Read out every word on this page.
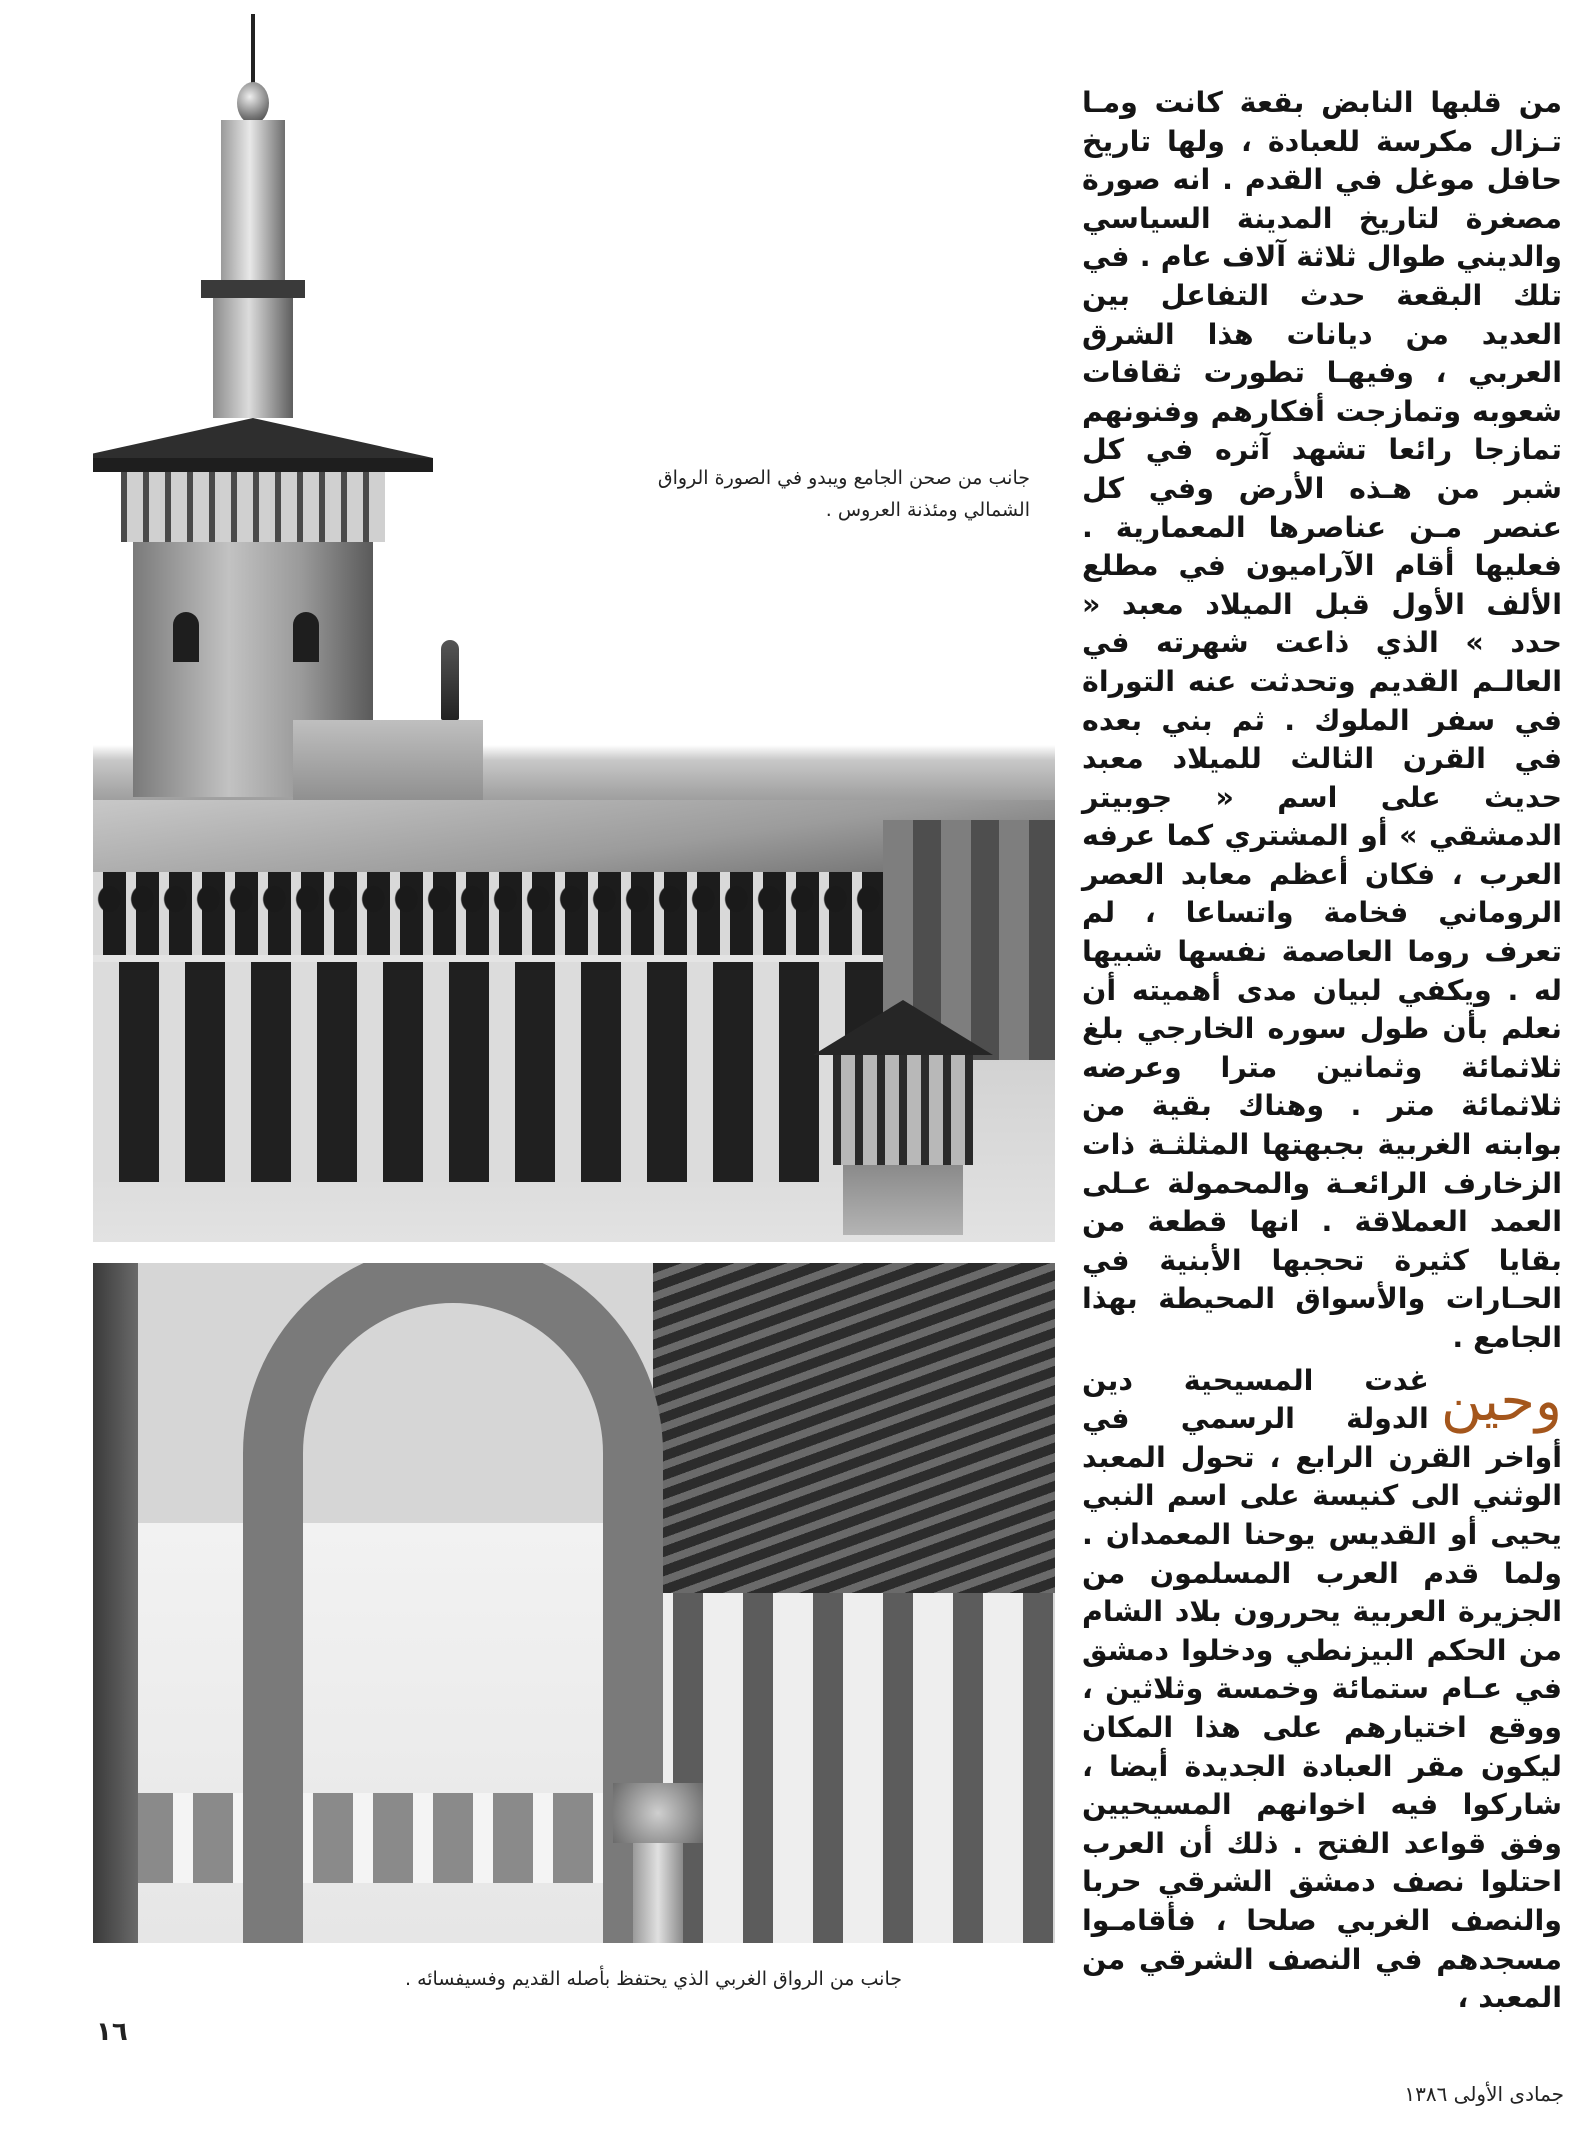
جانب من صحن الجامع ويبدو في الصورة الرواق الشمالي ومئذنة العروس .
جانب من الرواق الغربي الذي يحتفظ بأصله القديم وفسيفسائه .

من قلبها النابض بقعة كانت ومـا تـزال مكرسة للعبادة ، ولها تاريخ حافل موغل في القدم . انه صورة مصغرة لتاريخ المدينة السياسي والديني طوال ثلاثة آلاف عام . في تلك البقعة حدث التفاعل بين العديد من ديانات هذا الشرق العربي ، وفيهـا تطورت ثقافات شعوبه وتمازجت أفكارهم وفنونهم تمازجا رائعا تشهد آثره في كل شبر من هـذه الأرض وفي كل عنصر مـن عناصرها المعمارية . فعليها أقام الآراميون في مطلع الألف الأول قبل الميلاد معبد « حدد » الذي ذاعت شهرته في العالـم القديم وتحدثت عنه التوراة في سفر الملوك . ثم بني بعده في القرن الثالث للميلاد معبد حديث على اسم « جوبيتر الدمشقي » أو المشتري كما عرفه العرب ، فكان أعظم معابد العصر الروماني فخامة واتساعا ، لم تعرف روما العاصمة نفسها شبيها له . ويكفي لبيان مدى أهميته أن نعلم بأن طول سوره الخارجي بلغ ثلاثمائة وثمانين مترا وعرضه ثلاثمائة متر . وهناك بقية من بوابته الغربية بجبهتها المثلثـة ذات الزخارف الرائعـة والمحمولة عـلى العمد العملاقة . انها قطعة من بقايا كثيرة تحجبها الأبنية في الحـارات والأسواق المحيطة بهذا الجامع .

وحين

غدت المسيحية دين الدولة الرسمي في أواخر القرن الرابع ، تحول المعبد الوثني الى كنيسة على اسم النبي يحيى أو القديس يوحنا المعمدان . ولما قدم العرب المسلمون من الجزيرة العربية يحررون بلاد الشام من الحكم البيزنطي ودخلوا دمشق في عـام ستمائة وخمسة وثلاثين ، ووقع اختيارهم على هذا المكان ليكون مقر العبادة الجديدة أيضا ، شاركوا فيه اخوانهم المسيحيين وفق قواعد الفتح . ذلك أن العرب احتلوا نصف دمشق الشرقي حربا والنصف الغربي صلحا ، فأقامـوا مسجدهم في النصف الشرقي من المعبد ،

١٦
جمادى الأولى ١٣٨٦
